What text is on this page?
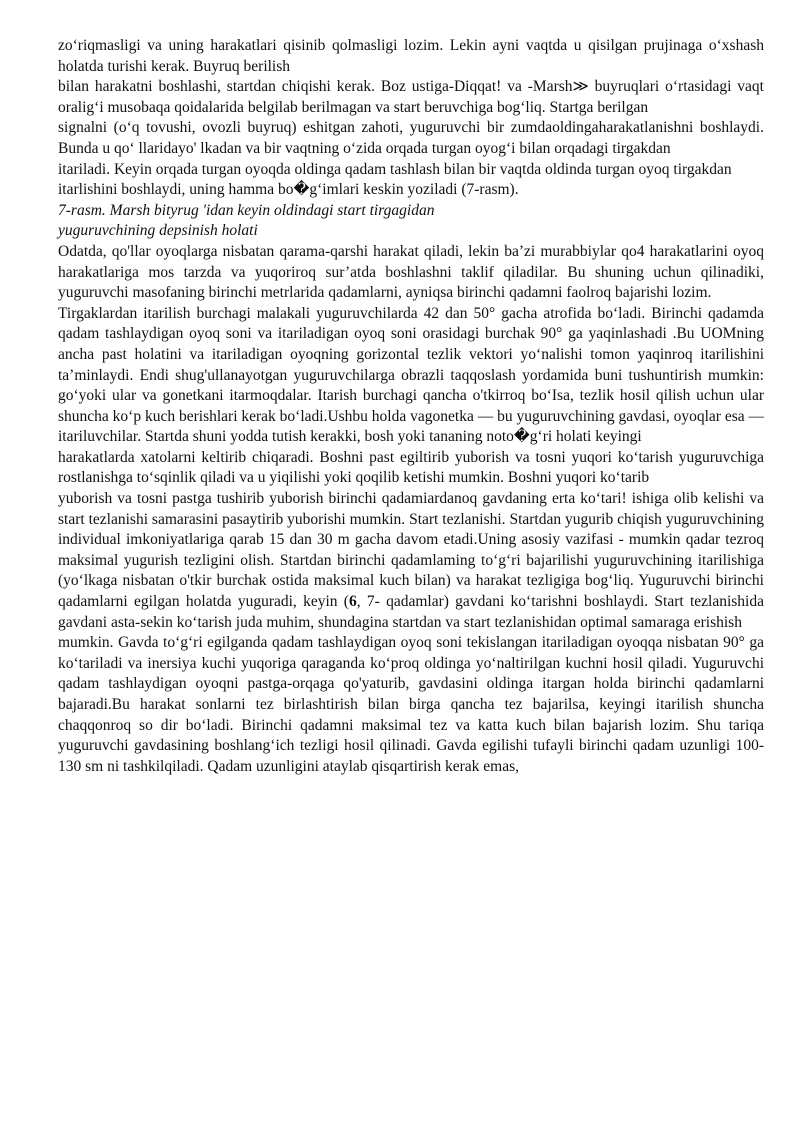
zo‘riqmasligi va uning harakatlari qisinib qolmasligi lozim. Lekin ayni vaqtda u qisilgan prujinaga o‘xshash holatda turishi kerak. Buyruq berilish

bilan harakatni boshlashi, startdan chiqishi kerak. Boz ustiga-Diqqat! va -Marsh≫ buyruqlari o‘rtasidagi vaqt oralig‘i musobaqa qoidalarida belgilab berilmagan va start beruvchiga bog‘liq. Startga berilgan

signalni (o‘q tovushi, ovozli buyruq) eshitgan zahoti, yuguruvchi bir zumdaoldingaharakatlanishni boshlaydi. Bunda u qo‘ llaridayo' lkadan va bir vaqtning o‘zida orqada turgan oyog‘i bilan orqadagi tirgakdan

itariladi. Keyin orqada turgan oyoqda oldinga qadam tashlash bilan bir vaqtda oldinda turgan oyoq tirgakdan itarlishini boshlaydi, uning hamma bo�g‘imlari keskin yoziladi (7-rasm).

7-rasm. Marsh bityrug 'idan keyin oldindagi start tirgagidan

yuguruvchining depsinish holati

Odatda, qo'llar oyoqlarga nisbatan qarama-qarshi harakat qiladi, lekin ba’zi murabbiylar qo4 harakatlarini oyoq harakatlariga mos tarzda va yuqoriroq sur’atda boshlashni taklif qiladilar. Bu shuning uchun qilinadiki, yuguruvchi masofaning birinchi metrlarida qadamlarni, ayniqsa birinchi qadamni faolroq bajarishi lozim.

Tirgaklardan itarilish burchagi malakali yuguruvchilarda 42 dan 50° gacha atrofida bo‘ladi. Birinchi qadamda qadam tashlaydigan oyoq soni va itariladigan oyoq soni orasidagi burchak 90° ga yaqinlashadi .Bu UOMning ancha past holatini va itariladigan oyoqning gorizontal tezlik vektori yo‘nalishi tomon yaqinroq itarilishini ta’minlaydi. Endi shug'ullanayotgan yuguruvchilarga obrazli taqqoslash yordamida buni tushuntirish mumkin: go‘yoki ular va gonetkani itarmoqdalar. Itarish burchagi qancha o'tkirroq bo‘Isa, tezlik hosil qilish uchun ular shuncha ko‘p kuch berishlari kerak bo‘ladi.Ushbu holda vagonetka — bu yuguruvchining gavdasi, oyoqlar esa — itariluvchilar. Startda shuni yodda tutish kerakki, bosh yoki tananing noto�g‘ri holati keyingi

harakatlarda xatolarni keltirib chiqaradi. Boshni past egiltirib yuborish va tosni yuqori ko‘tarish yuguruvchiga rostlanishga to‘sqinlik qiladi va u yiqilishi yoki qoqilib ketishi mumkin. Boshni yuqori ko‘tarib

yuborish va tosni pastga tushirib yuborish birinchi qadamiardanoq gavdaning erta ko‘tari! ishiga olib kelishi va start tezlanishi samarasini pasaytirib yuborishi mumkin. Start tezlanishi. Startdan yugurib chiqish yuguruvchining individual imkoniyatlariga qarab 15 dan 30 m gacha davom etadi.Uning asosiy vazifasi - mumkin qadar tezroq maksimal yugurish tezligini olish. Startdan birinchi qadamlaming to‘g‘ri bajarilishi yuguruvchining itarilishiga (yo‘lkaga nisbatan o'tkir burchak ostida maksimal kuch bilan) va harakat tezligiga bog‘liq. Yuguruvchi birinchi qadamlarni egilgan holatda yuguradi, keyin (6, 7- qadamlar) gavdani ko‘tarishni boshlaydi. Start tezlanishida gavdani asta-sekin ko‘tarish juda muhim, shundagina startdan va start tezlanishidan optimal samaraga erishish

mumkin. Gavda to‘g‘ri egilganda qadam tashlaydigan oyoq soni tekislangan itariladigan oyoqqa nisbatan 90° ga ko‘tariladi va inersiya kuchi yuqoriga qaraganda ko‘proq oldinga yo‘naltirilgan kuchni hosil qiladi. Yuguruvchi qadam tashlaydigan oyoqni pastga-orqaga qo'yaturib, gavdasini oldinga itargan holda birinchi qadamlarni bajaradi.Bu harakat sonlarni tez birlashtirish bilan birga qancha tez bajarilsa, keyingi itarilish shuncha chaqqonroq so dir bo‘ladi. Birinchi qadamni maksimal tez va katta kuch bilan bajarish lozim. Shu tariqa yuguruvchi gavdasining boshlang‘ich tezligi hosil qilinadi. Gavda egilishi tufayli birinchi qadam uzunligi 100-130 sm ni tashkilqiladi. Qadam uzunligini ataylab qisqartirish kerak emas,
